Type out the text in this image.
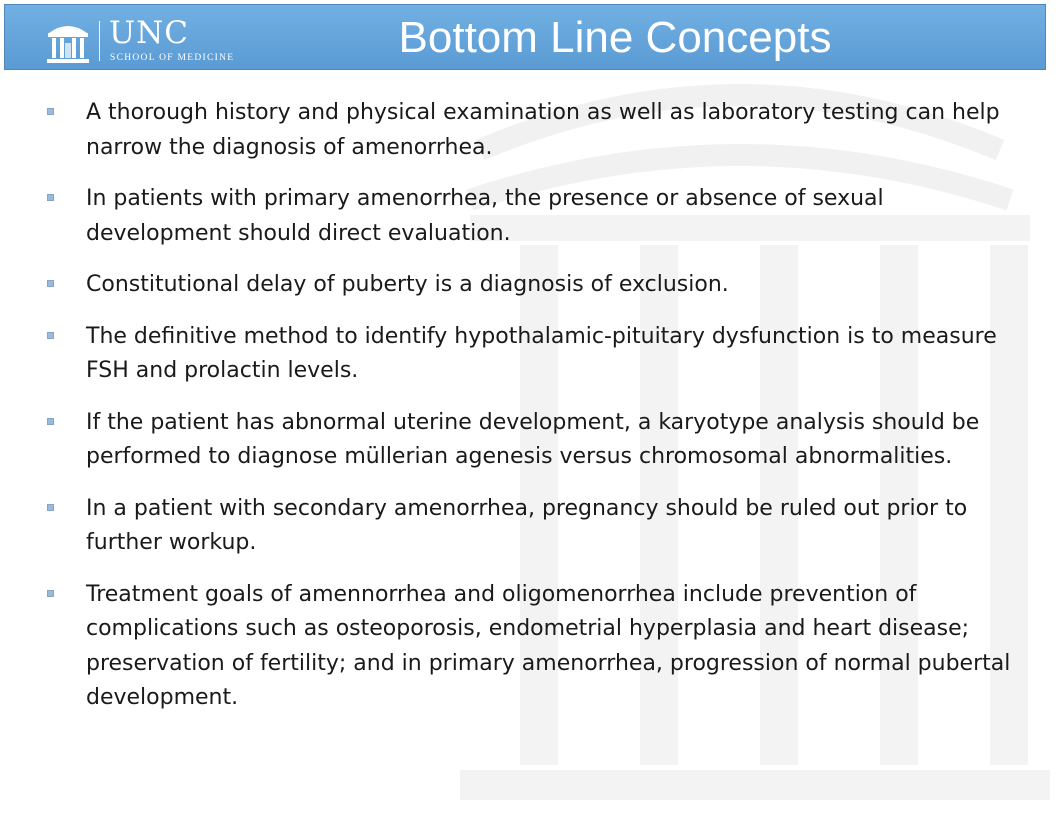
UNC
SCHOOL OF MEDICINE	Bottom Line Concepts
A thorough history and physical examination as well as laboratory testing can help narrow the diagnosis of amenorrhea.
In patients with primary amenorrhea, the presence or absence of sexual development should direct evaluation.
Constitutional delay of puberty is a diagnosis of exclusion.
The definitive method to identify hypothalamic-pituitary dysfunction is to measure FSH and prolactin levels.
If the patient has abnormal uterine development, a karyotype analysis should be performed to diagnose müllerian agenesis versus chromosomal abnormalities.
In a patient with secondary amenorrhea, pregnancy should be ruled out prior to further workup.
Treatment goals of amennorrhea and oligomenorrhea include prevention of complications such as osteoporosis, endometrial hyperplasia and heart disease; preservation of fertility; and in primary amenorrhea, progression of normal pubertal development.
